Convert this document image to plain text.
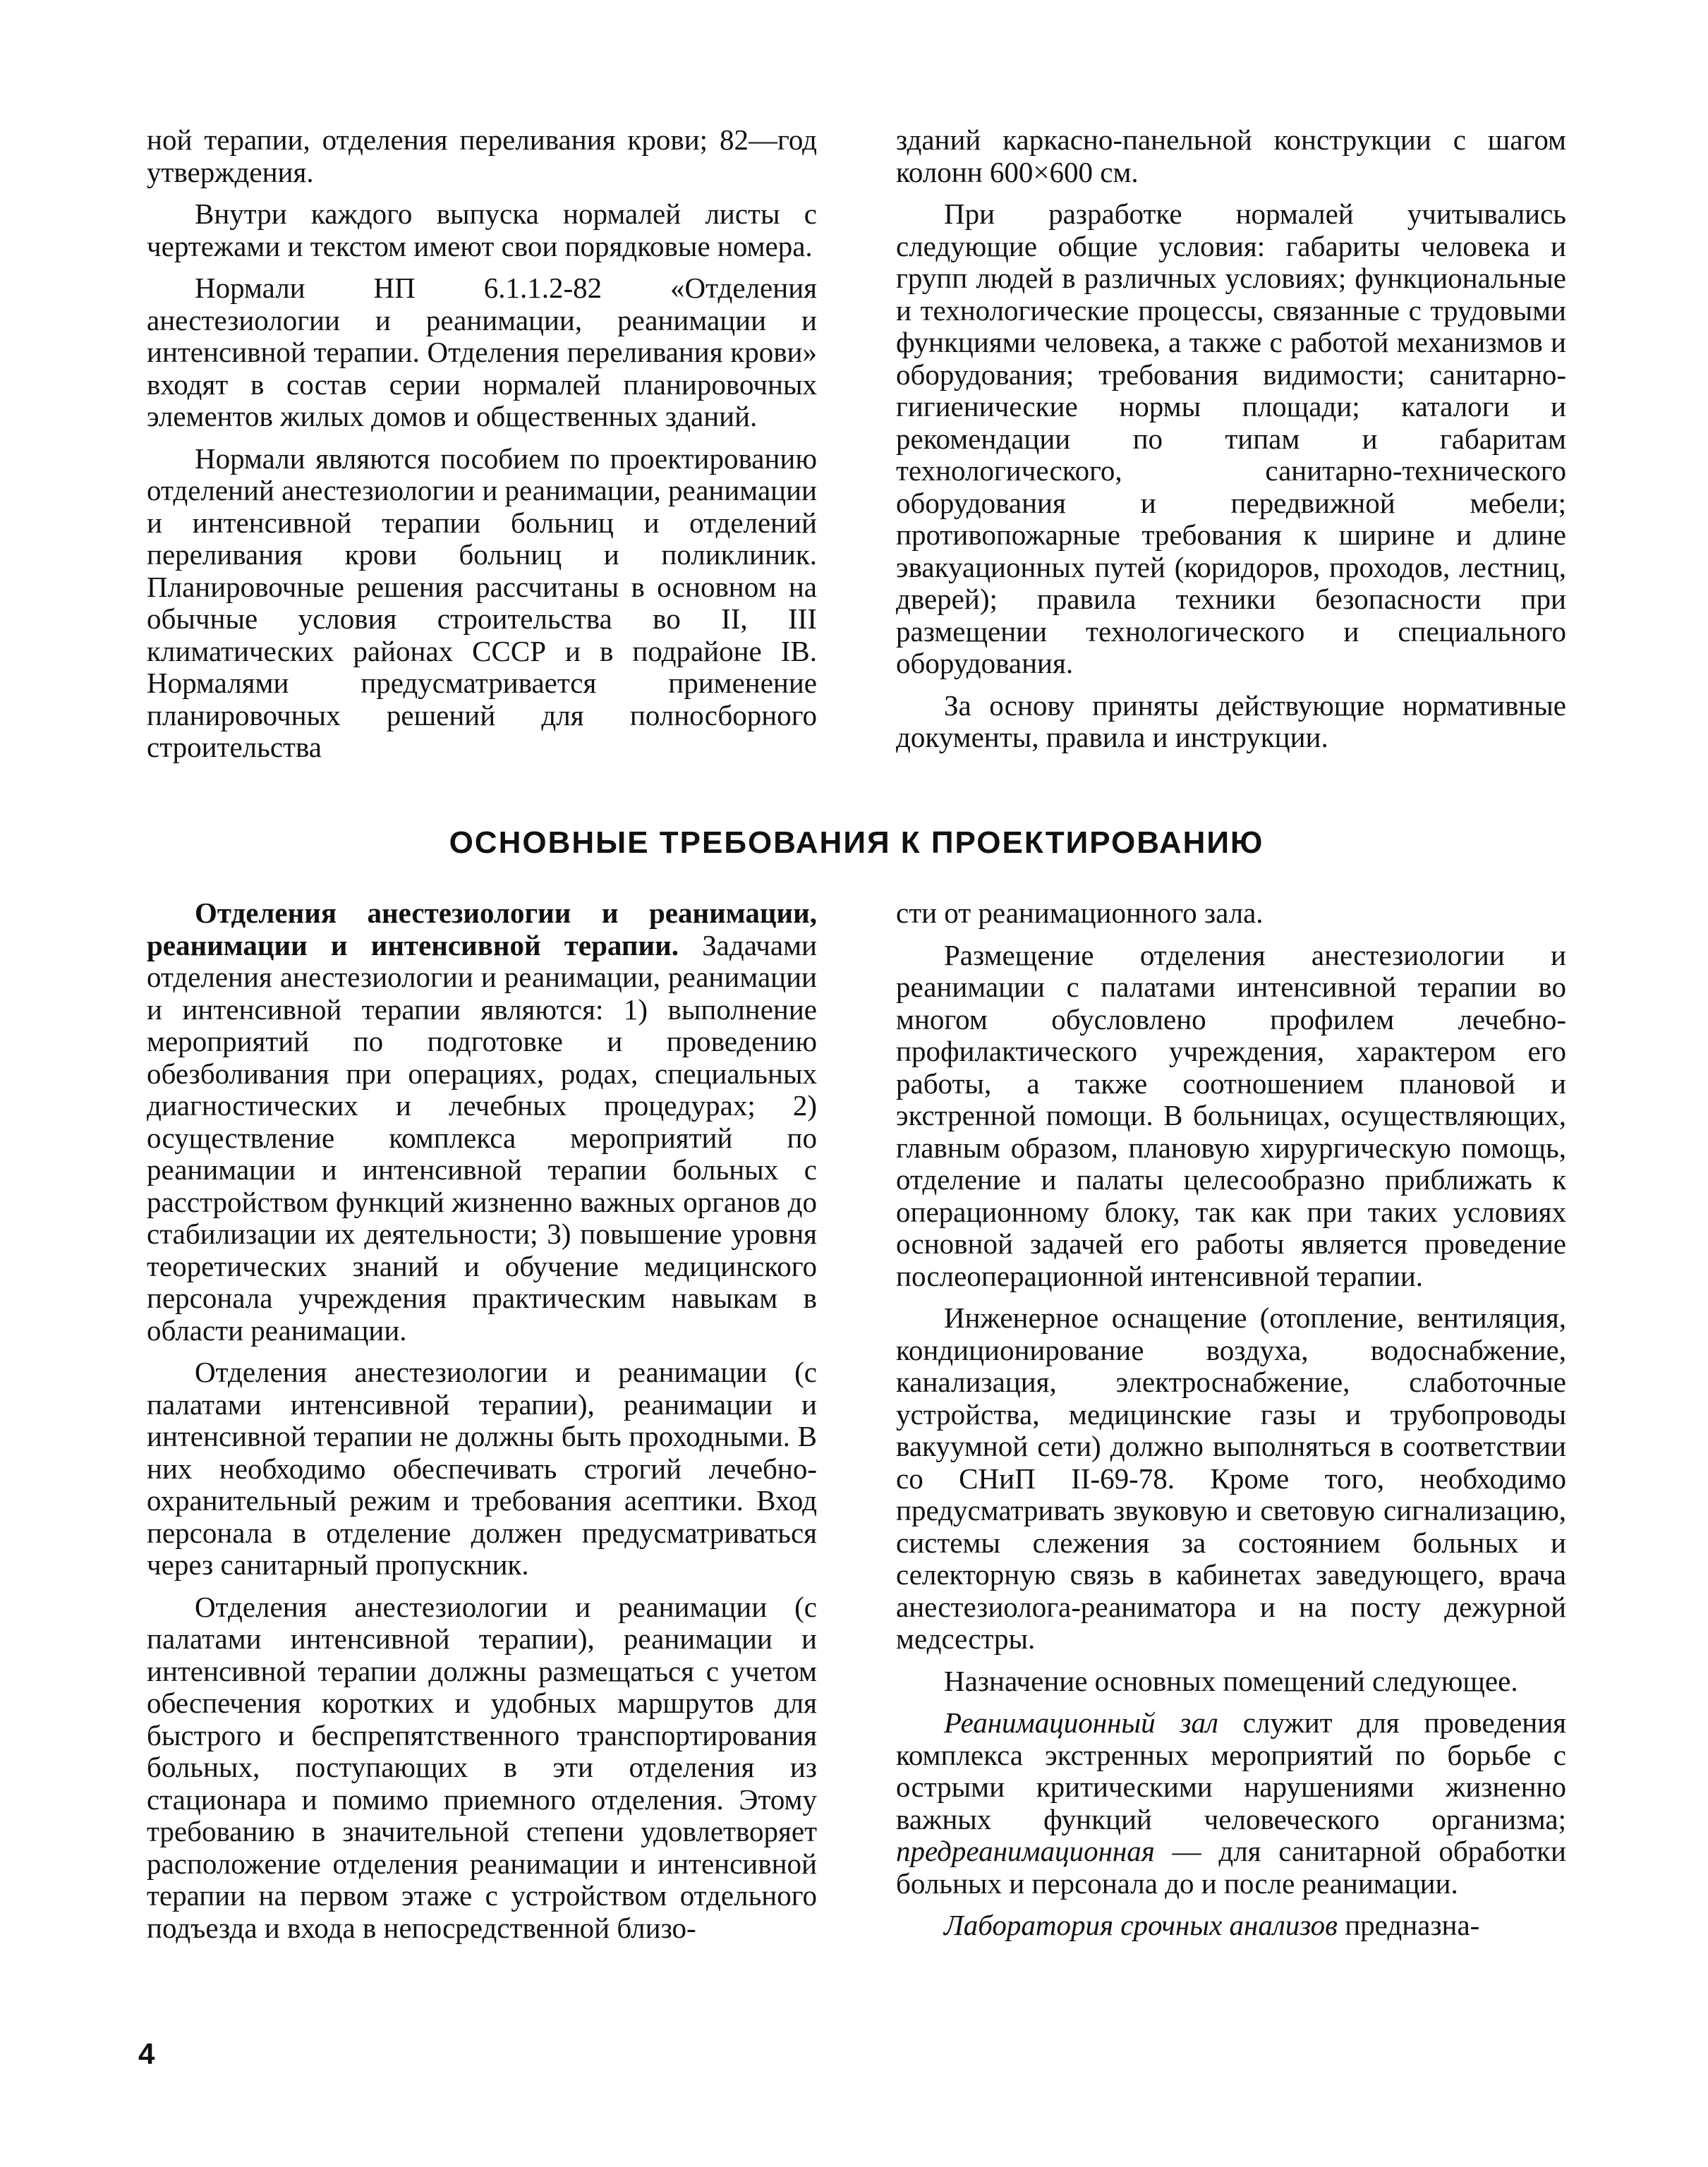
ной терапии, отделения переливания крови; 82—год утверждения.

Внутри каждого выпуска нормалей листы с чертежами и текстом имеют свои порядковые номера.

Нормали НП 6.1.1.2-82 «Отделения анестезиологии и реанимации, реанимации и интенсивной терапии. Отделения переливания крови» входят в состав серии нормалей планировочных элементов жилых домов и общественных зданий.

Нормали являются пособием по проектированию отделений анестезиологии и реанимации, реанимации и интенсивной терапии больниц и отделений переливания крови больниц и поликлиник. Планировочные решения рассчитаны в основном на обычные условия строительства во II, III климатических районах СССР и в подрайоне IВ. Нормалями предусматривается применение планировочных решений для полносборного строительства

зданий каркасно-панельной конструкции с шагом колонн 600×600 см.

При разработке нормалей учитывались следующие общие условия: габариты человека и групп людей в различных условиях; функциональные и технологические процессы, связанные с трудовыми функциями человека, а также с работой механизмов и оборудования; требования видимости; санитарно-гигиенические нормы площади; каталоги и рекомендации по типам и габаритам технологического, санитарно-технического оборудования и передвижной мебели; противопожарные требования к ширине и длине эвакуационных путей (коридоров, проходов, лестниц, дверей); правила техники безопасности при размещении технологического и специального оборудования.

За основу приняты действующие нормативные документы, правила и инструкции.

ОСНОВНЫЕ ТРЕБОВАНИЯ К ПРОЕКТИРОВАНИЮ

Отделения анестезиологии и реанимации, реанимации и интенсивной терапии. Задачами отделения анестезиологии и реанимации, реанимации и интенсивной терапии являются: 1) выполнение мероприятий по подготовке и проведению обезболивания при операциях, родах, специальных диагностических и лечебных процедурах; 2) осуществление комплекса мероприятий по реанимации и интенсивной терапии больных с расстройством функций жизненно важных органов до стабилизации их деятельности; 3) повышение уровня теоретических знаний и обучение медицинского персонала учреждения практическим навыкам в области реанимации.

Отделения анестезиологии и реанимации (с палатами интенсивной терапии), реанимации и интенсивной терапии не должны быть проходными. В них необходимо обеспечивать строгий лечебно-охранительный режим и требования асептики. Вход персонала в отделение должен предусматриваться через санитарный пропускник.

Отделения анестезиологии и реанимации (с палатами интенсивной терапии), реанимации и интенсивной терапии должны размещаться с учетом обеспечения коротких и удобных маршрутов для быстрого и беспрепятственного транспортирования больных, поступающих в эти отделения из стационара и помимо приемного отделения. Этому требованию в значительной степени удовлетворяет расположение отделения реанимации и интенсивной терапии на первом этаже с устройством отдельного подъезда и входа в непосредственной близо-

сти от реанимационного зала.

Размещение отделения анестезиологии и реанимации с палатами интенсивной терапии во многом обусловлено профилем лечебно-профилактического учреждения, характером его работы, а также соотношением плановой и экстренной помощи. В больницах, осуществляющих, главным образом, плановую хирургическую помощь, отделение и палаты целесообразно приближать к операционному блоку, так как при таких условиях основной задачей его работы является проведение послеоперационной интенсивной терапии.

Инженерное оснащение (отопление, вентиляция, кондиционирование воздуха, водоснабжение, канализация, электроснабжение, слаботочные устройства, медицинские газы и трубопроводы вакуумной сети) должно выполняться в соответствии со СНиП II-69-78. Кроме того, необходимо предусматривать звуковую и световую сигнализацию, системы слежения за состоянием больных и селекторную связь в кабинетах заведующего, врача анестезиолога-реаниматора и на посту дежурной медсестры.

Назначение основных помещений следующее.

Реанимационный зал служит для проведения комплекса экстренных мероприятий по борьбе с острыми критическими нарушениями жизненно важных функций человеческого организма; предреанимационная — для санитарной обработки больных и персонала до и после реанимации.

Лаборатория срочных анализов предназна-

4
